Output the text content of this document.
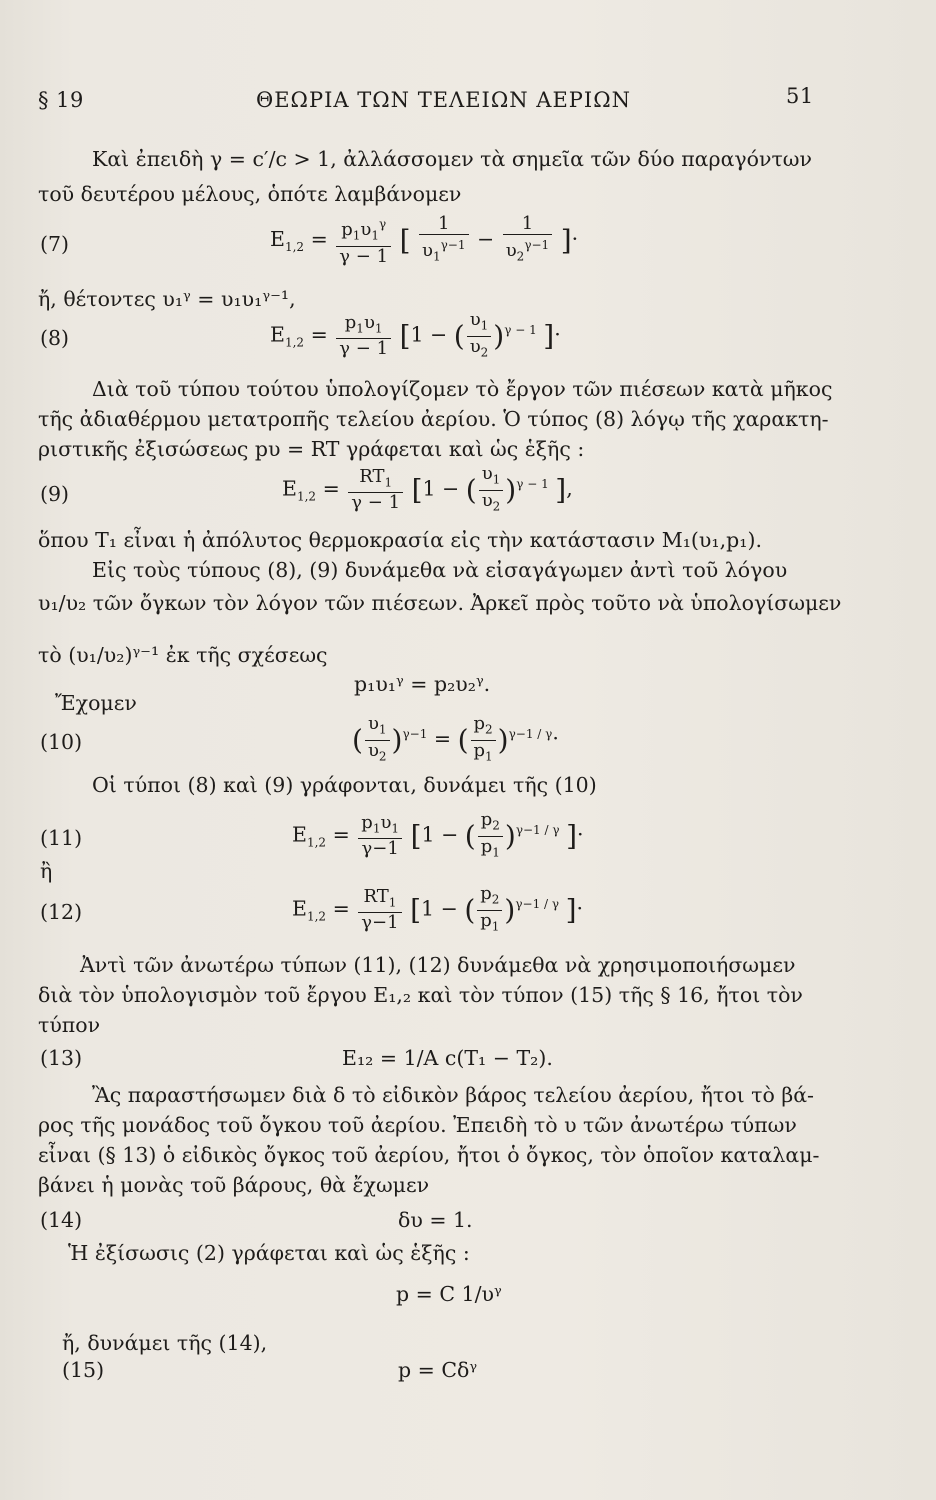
§ 19	ΘΕΩΡΙΑ ΤΩΝ ΤΕΛΕΙΩΝ ΑΕΡΙΩΝ	51
Καὶ ἐπειδὴ γ = c′/c > 1, ἀλλάσσομεν τὰ σημεῖα τῶν δύο παραγόντων
τοῦ δευτέρου μέλους, ὁπότε λαμβάνομεν
(7)	$E_{1,2} = \frac{p_1\upsilon_1^\gamma}{\gamma - 1}$ [ $\frac{1}{\upsilon_1^{\gamma-1}} - \frac{1}{\upsilon_2^{\gamma-1}}$ ]·
ἤ, θέτοντες υ₁ᵞ = υ₁υ₁ᵞ⁻¹,
(8)	$E_{1,2} = \frac{p_1\upsilon_1}{\gamma - 1} [1$ − ( $\frac{\upsilon_1}{\upsilon_2} )^{\gamma - 1}$ ]·
Διὰ τοῦ τύπου τούτου ὑπολογίζομεν τὸ ἔργον τῶν πιέσεων κατὰ μῆκος
τῆς ἀδιαθέρμου μετατροπῆς τελείου ἀερίου. Ὁ τύπος (8) λόγῳ τῆς χαρακτη-
ριστικῆς ἐξισώσεως pυ = RT γράφεται καὶ ὡς ἑξῆς :
(9)	$E_{1,2} = \frac{RT_1}{\gamma - 1} [1$ − ( $\frac{\upsilon_1}{\upsilon_2} )^{\gamma - 1}$ ],
ὅπου T₁ εἶναι ἡ ἀπόλυτος θερμοκρασία εἰς τὴν κατάστασιν M₁(υ₁,p₁).
Εἰς τοὺς τύπους (8), (9) δυνάμεθα νὰ εἰσαγάγωμεν ἀντὶ τοῦ λόγου
υ₁/υ₂ τῶν ὄγκων τὸν λόγον τῶν πιέσεων. Ἀρκεῖ πρὸς τοῦτο νὰ ὑπολογίσωμεν
τὸ (υ₁/υ₂)ᵞ⁻¹ ἐκ τῆς σχέσεως
p₁υ₁ᵞ = p₂υ₂ᵞ.
Ἔχομεν
(10)	( $\frac{\upsilon_1}{\upsilon_2} )^{\gamma-1}$ = ( $\frac{p_2}{p_1} )^{\gamma-1 / \gamma}\cdot$
Οἱ τύποι (8) καὶ (9) γράφονται, δυνάμει τῆς (10)
(11)	$E_{1,2} = \frac{p_1\upsilon_1}{\gamma-1} [1$ − ( $\frac{p_2}{p_1} )^{\gamma-1 / \gamma}$ ]·
ἢ
(12)	$E_{1,2} = \frac{RT_1}{\gamma-1} [1$ − ( $\frac{p_2}{p_1} )^{\gamma-1 / \gamma}$ ]·
Ἀντὶ τῶν ἀνωτέρω τύπων (11), (12) δυνάμεθα νὰ χρησιμοποιήσωμεν
διὰ τὸν ὑπολογισμὸν τοῦ ἔργου E₁,₂ καὶ τὸν τύπον (15) τῆς § 16, ἤτοι τὸν
τύπον
(13)	E₁₂ = 1/A c(T₁ − T₂).
Ἂς παραστήσωμεν διὰ δ τὸ εἰδικὸν βάρος τελείου ἀερίου, ἤτοι τὸ βά-
ρος τῆς μονάδος τοῦ ὄγκου τοῦ ἀερίου. Ἐπειδὴ τὸ υ τῶν ἀνωτέρω τύπων
εἶναι (§ 13) ὁ εἰδικὸς ὄγκος τοῦ ἀερίου, ἤτοι ὁ ὄγκος, τὸν ὁποῖον καταλαμ-
βάνει ἡ μονὰς τοῦ βάρους, θὰ ἔχωμεν
(14)	δυ = 1.
Ἡ ἐξίσωσις (2) γράφεται καὶ ὡς ἑξῆς :
p = C 1/υᵞ
ἤ, δυνάμει τῆς (14),
(15)	p = Cδᵞ
